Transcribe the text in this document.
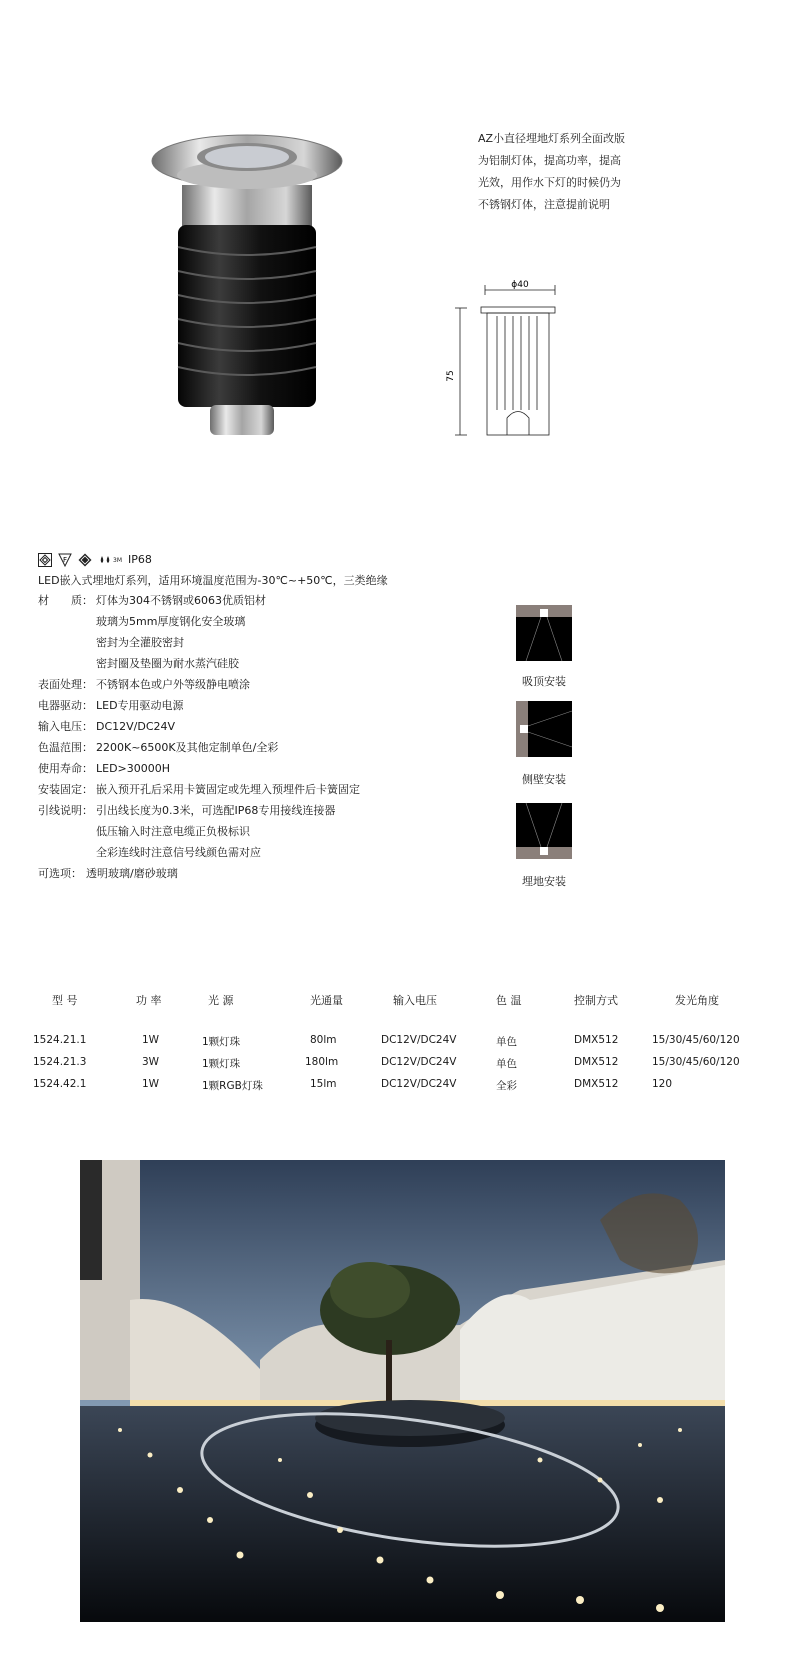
AZ小直径埋地灯系列全面改版
为铝制灯体，提高功率，提高
光效，用作水下灯的时候仍为
不锈钢灯体，注意提前说明
ϕ40
75
F	3M IP68
LED嵌入式埋地灯系列，适用环境温度范围为-30℃~+50℃，三类绝缘
材　　质： 灯体为304不锈钢或6063优质铝材
玻璃为5mm厚度钢化安全玻璃
密封为全灌胶密封
密封圈及垫圈为耐水蒸汽硅胶
表面处理： 不锈钢本色或户外等级静电喷涂
电器驱动： LED专用驱动电源
输入电压： DC12V/DC24V
色温范围： 2200K~6500K及其他定制单色/全彩
使用寿命： LED>30000H
安装固定： 嵌入预开孔后采用卡簧固定或先埋入预埋件后卡簧固定
引线说明： 引出线长度为0.3米，可选配IP68专用接线连接器
低压输入时注意电缆正负极标识
全彩连线时注意信号线颜色需对应
可选项： 透明玻璃/磨砂玻璃
吸顶安装
侧壁安装
埋地安装
型 号	功 率	光 源	光通量	输入电压	色 温	控制方式	发光角度
1524.21.1	1W	1颗灯珠	80lm	DC12V/DC24V	单色	DMX512	15/30/45/60/120
1524.21.3	3W	1颗灯珠	180lm	DC12V/DC24V	单色	DMX512	15/30/45/60/120
1524.42.1	1W	1颗RGB灯珠	15lm	DC12V/DC24V	全彩	DMX512	120
